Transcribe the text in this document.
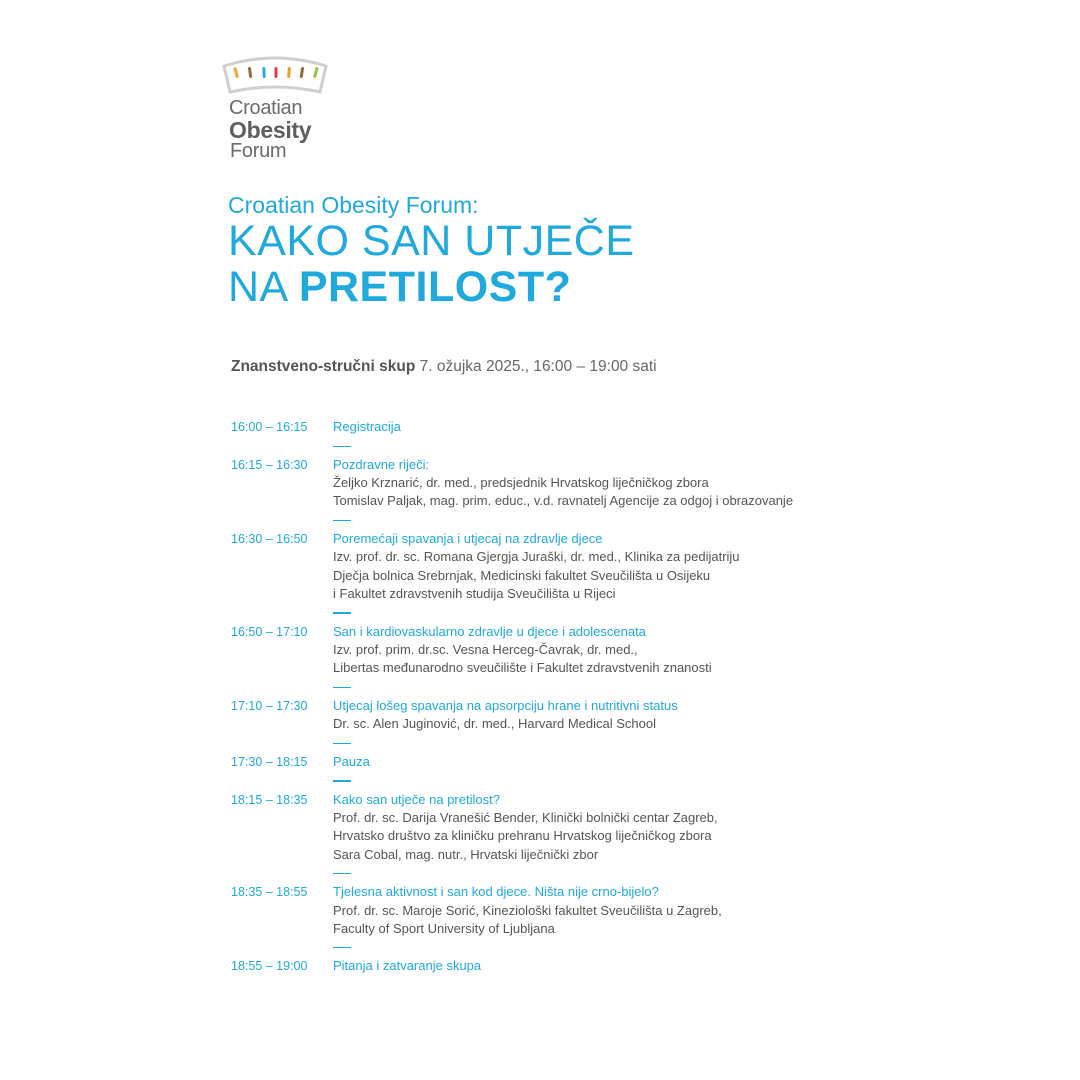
Croatian
Obesity
Forum
Croatian Obesity Forum:
KAKO SAN UTJEČE
NA PRETILOST?
Znanstveno-stručni skup 7. ožujka 2025., 16:00 – 19:00 sati
16:00 – 16:15 Registracija
16:15 – 16:30 Pozdravne riječi:
Željko Krznarić, dr. med., predsjednik Hrvatskog liječničkog zbora
Tomislav Paljak, mag. prim. educ., v.d. ravnatelj Agencije za odgoj i obrazovanje
16:30 – 16:50 Poremećaji spavanja i utjecaj na zdravlje djece
Izv. prof. dr. sc. Romana Gjergja Juraški, dr. med., Klinika za pedijatriju
Dječja bolnica Srebrnjak, Medicinski fakultet Sveučilišta u Osijeku
i Fakultet zdravstvenih studija Sveučilišta u Rijeci
16:50 – 17:10 San i kardiovaskularno zdravlje u djece i adolescenata
Izv. prof. prim. dr.sc. Vesna Herceg-Čavrak, dr. med.,
Libertas međunarodno sveučilište i Fakultet zdravstvenih znanosti
17:10 – 17:30 Utjecaj lošeg spavanja na apsorpciju hrane i nutritivni status
Dr. sc. Alen Juginović, dr. med., Harvard Medical School
17:30 – 18:15 Pauza
18:15 – 18:35 Kako san utječe na pretilost?
Prof. dr. sc. Darija Vranešić Bender, Klinički bolnički centar Zagreb,
Hrvatsko društvo za kliničku prehranu Hrvatskog liječničkog zbora
Sara Cobal, mag. nutr., Hrvatski liječnički zbor
18:35 – 18:55 Tjelesna aktivnost i san kod djece. Ništa nije crno-bijelo?
Prof. dr. sc. Maroje Sorić, Kineziološki fakultet Sveučilišta u Zagreb,
Faculty of Sport University of Ljubljana
18:55 – 19:00 Pitanja i zatvaranje skupa
